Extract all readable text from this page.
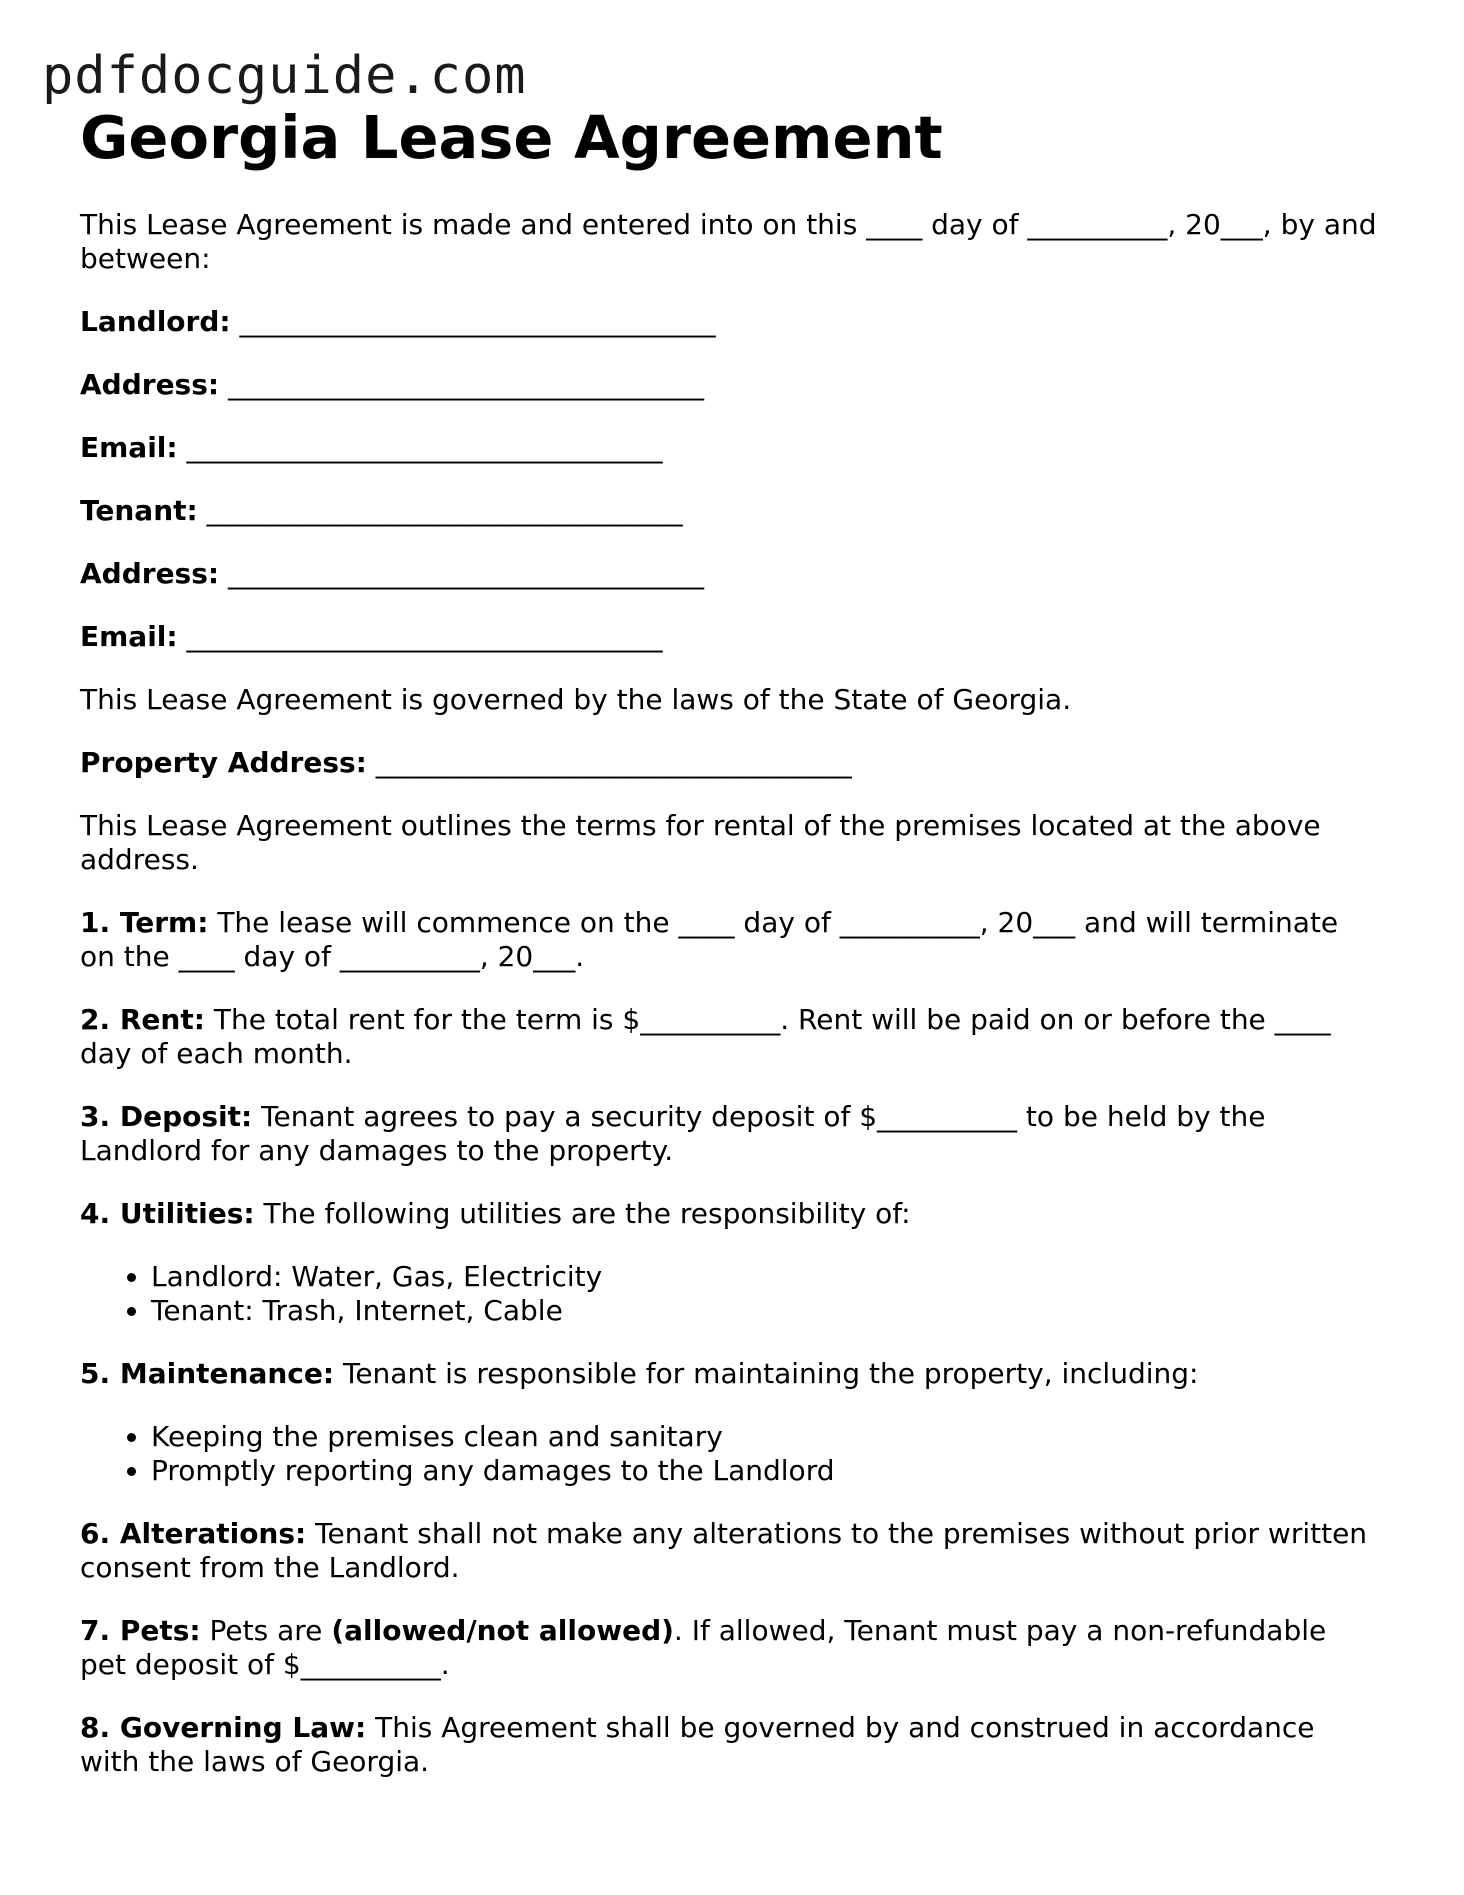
pdfdocguide.com
Georgia Lease Agreement

This Lease Agreement is made and entered into on this ____ day of __________, 20___, by and between:

Landlord: __________________________________

Address: __________________________________

Email: __________________________________

Tenant: __________________________________

Address: __________________________________

Email: __________________________________

This Lease Agreement is governed by the laws of the State of Georgia.

Property Address: __________________________________

This Lease Agreement outlines the terms for rental of the premises located at the above address.

1. Term: The lease will commence on the ____ day of __________, 20___ and will terminate on the ____ day of __________, 20___.

2. Rent: The total rent for the term is $__________. Rent will be paid on or before the ____ day of each month.

3. Deposit: Tenant agrees to pay a security deposit of $__________ to be held by the Landlord for any damages to the property.

4. Utilities: The following utilities are the responsibility of:

• Landlord: Water, Gas, Electricity
• Tenant: Trash, Internet, Cable

5. Maintenance: Tenant is responsible for maintaining the property, including:

• Keeping the premises clean and sanitary
• Promptly reporting any damages to the Landlord

6. Alterations: Tenant shall not make any alterations to the premises without prior written consent from the Landlord.

7. Pets: Pets are (allowed/not allowed). If allowed, Tenant must pay a non-refundable pet deposit of $__________.

8. Governing Law: This Agreement shall be governed by and construed in accordance with the laws of Georgia.
